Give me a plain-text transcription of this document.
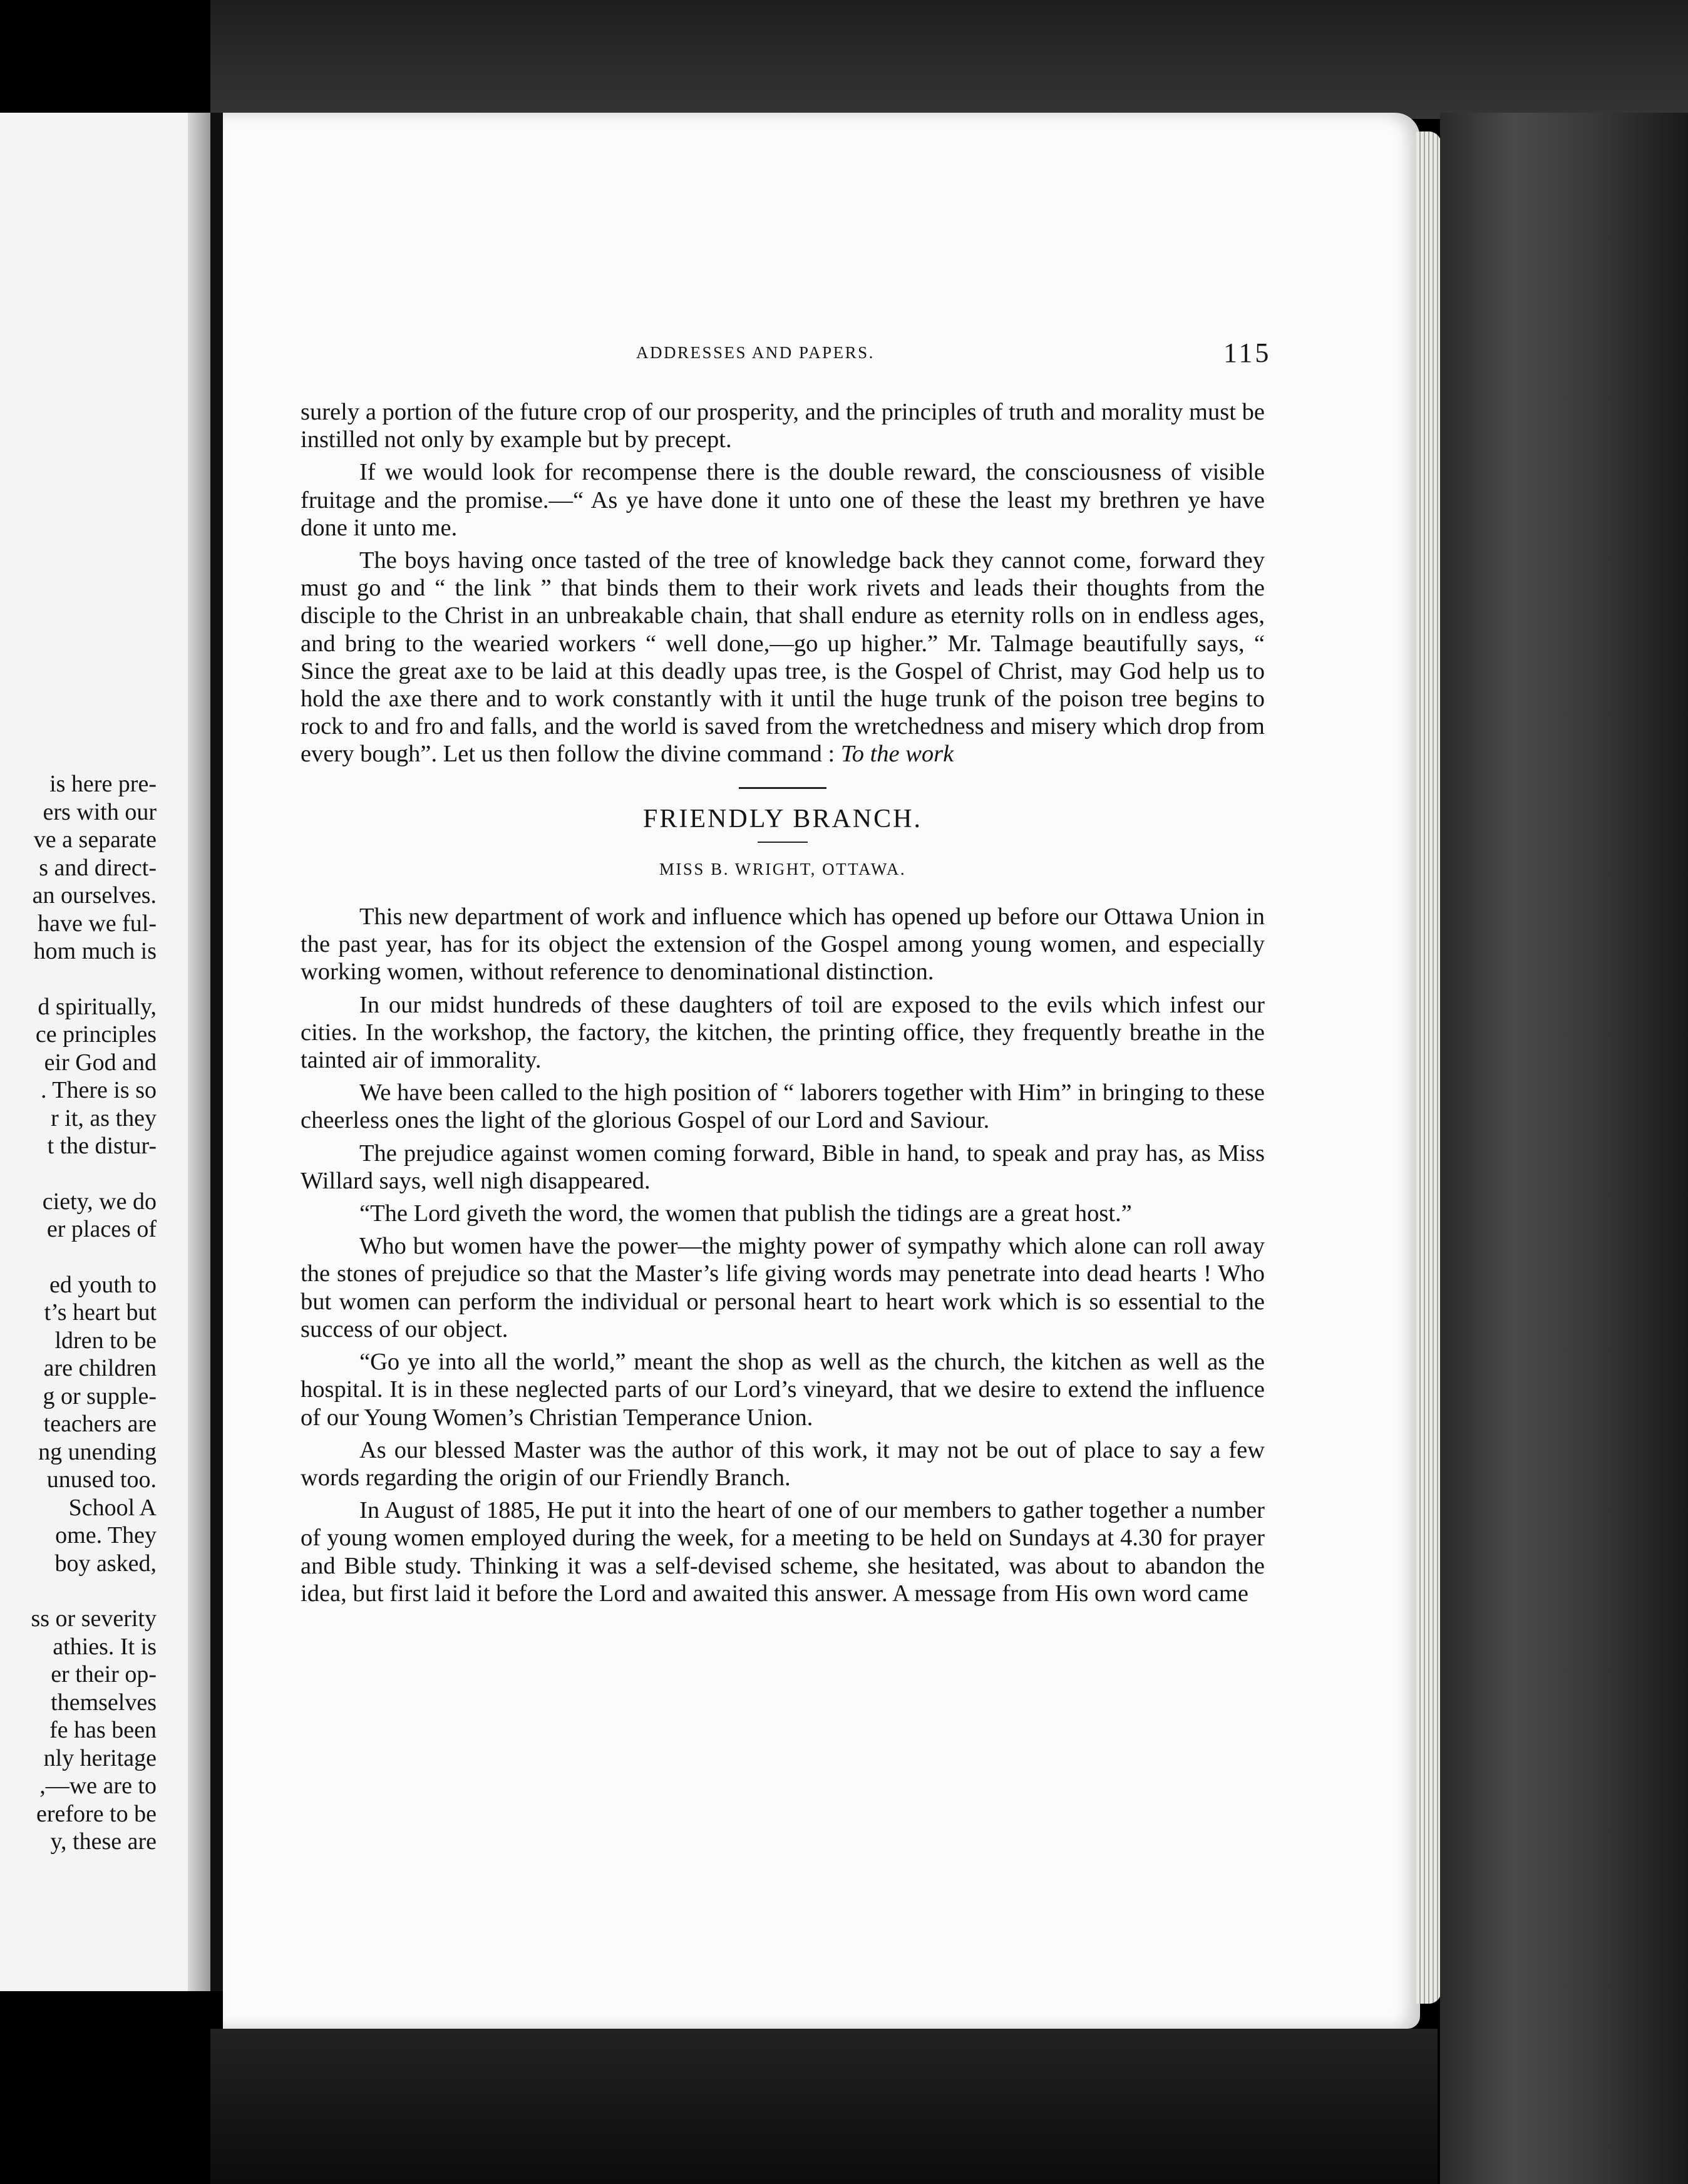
is here pre-
ers with our
ve a separate
s and direct-
an ourselves.
have we ful-
hom much is
d spiritually,
ce principles
eir God and
. There is so
r it, as they
t the distur-
ciety, we do
er places of
ed youth to
t’s heart but
ldren to be
are children
g or supple-
teachers are
ng unending
unused too.
School A
ome. They
boy asked,
ss or severity
athies. It is
er their op-
themselves
fe has been
nly heritage
,—we are to
erefore to be
y, these are
ADDRESSES AND PAPERS.	115

surely a portion of the future crop of our prosperity, and the principles of truth and morality must be instilled not only by example but by precept.

If we would look for recompense there is the double reward, the consciousness of visible fruitage and the promise.—“ As ye have done it unto one of these the least my brethren ye have done it unto me.

The boys having once tasted of the tree of knowledge back they cannot come, forward they must go and “ the link ” that binds them to their work rivets and leads their thoughts from the disciple to the Christ in an unbreakable chain, that shall endure as eternity rolls on in endless ages, and bring to the wearied workers “ well done,—go up higher.” Mr. Talmage beautifully says, “ Since the great axe to be laid at this deadly upas tree, is the Gospel of Christ, may God help us to hold the axe there and to work constantly with it until the huge trunk of the poison tree begins to rock to and fro and falls, and the world is saved from the wretchedness and misery which drop from every bough”. Let us then follow the divine command : To the work

FRIENDLY BRANCH.
MISS B. WRIGHT, OTTAWA.

This new department of work and influence which has opened up before our Ottawa Union in the past year, has for its object the extension of the Gospel among young women, and especially working women, without reference to denominational distinction.

In our midst hundreds of these daughters of toil are exposed to the evils which infest our cities. In the workshop, the factory, the kitchen, the printing office, they frequently breathe in the tainted air of immorality.

We have been called to the high position of “ laborers together with Him” in bringing to these cheerless ones the light of the glorious Gospel of our Lord and Saviour.

The prejudice against women coming forward, Bible in hand, to speak and pray has, as Miss Willard says, well nigh disappeared.

“The Lord giveth the word, the women that publish the tidings are a great host.”

Who but women have the power—the mighty power of sympathy which alone can roll away the stones of prejudice so that the Master’s life giving words may penetrate into dead hearts ! Who but women can perform the individual or personal heart to heart work which is so essential to the success of our object.

“Go ye into all the world,” meant the shop as well as the church, the kitchen as well as the hospital. It is in these neglected parts of our Lord’s vineyard, that we desire to extend the influence of our Young Women’s Christian Temperance Union.

As our blessed Master was the author of this work, it may not be out of place to say a few words regarding the origin of our Friendly Branch.

In August of 1885, He put it into the heart of one of our members to gather together a number of young women employed during the week, for a meeting to be held on Sundays at 4.30 for prayer and Bible study. Thinking it was a self-devised scheme, she hesitated, was about to abandon the idea, but first laid it before the Lord and awaited this answer. A message from His own word came
